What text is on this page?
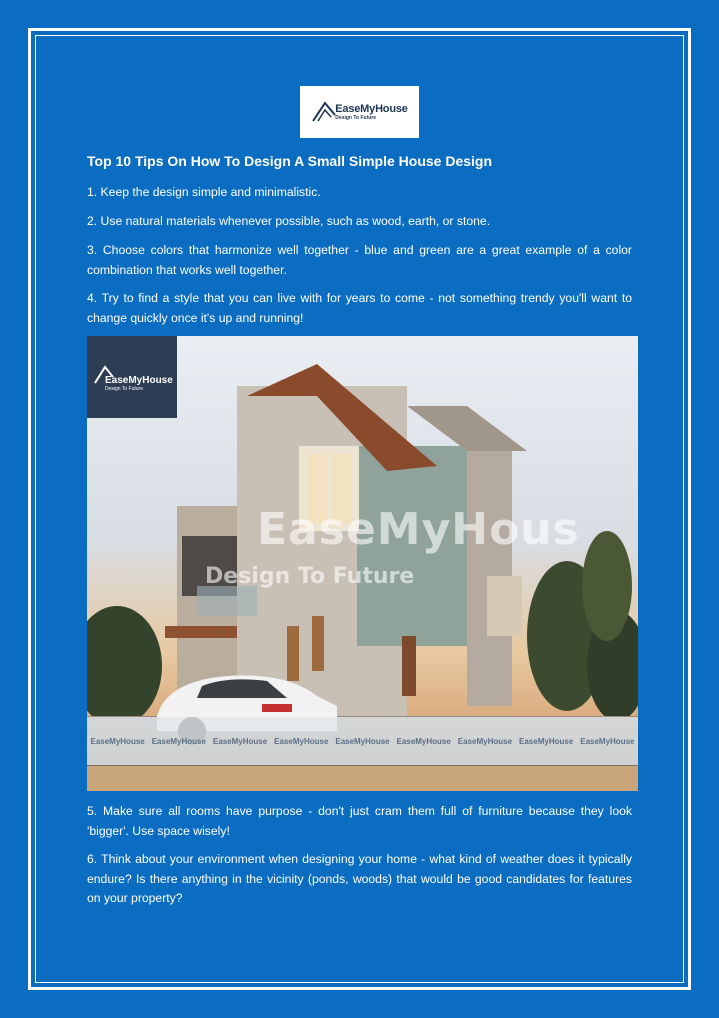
EaseMyHouse
Design To Future
Top 10 Tips On How To Design A Small Simple House Design
1. Keep the design simple and minimalistic.
2. Use natural materials whenever possible, such as wood, earth, or stone.
3. Choose colors that harmonize well together - blue and green are a great example of a color combination that works well together.
4. Try to find a style that you can live with for years to come - not something trendy you'll want to change quickly once it's up and running!
EaseMyHouse
Design To Future
EaseMyHous
Design To Future
EaseMyHouse EaseMyHouse EaseMyHouse EaseMyHouse EaseMyHouse EaseMyHouse EaseMyHouse EaseMyHouse EaseMyHouse
5. Make sure all rooms have purpose - don't just cram them full of furniture because they look 'bigger'. Use space wisely!
6. Think about your environment when designing your home - what kind of weather does it typically endure? Is there anything in the vicinity (ponds, woods) that would be good candidates for features on your property?
